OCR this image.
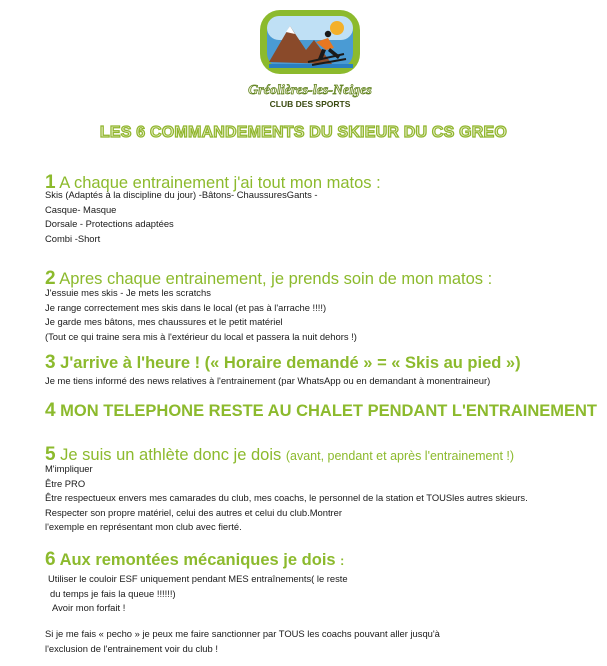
Gréolières-les-Neiges
CLUB DES SPORTS
LES 6 COMMANDEMENTS DU SKIEUR DU CS GREO
1 A chaque entrainement j'ai tout mon matos :
Skis (Adaptés à la discipline du jour) -Bâtons- ChaussuresGants -
Casque- Masque
Dorsale - Protections adaptées
Combi -Short
2 Apres chaque entrainement, je prends soin de mon matos :
J'essuie mes skis - Je mets les scratchs
Je range correctement mes skis dans le local (et pas à l'arrache !!!!)
Je garde mes bâtons, mes chaussures et le petit matériel
(Tout ce qui traine sera mis à l'extérieur du local et passera la nuit dehors !)
3 J'arrive à l'heure ! (« Horaire demandé » = « Skis au pied »)
Je me tiens informé des news relatives à l'entrainement (par WhatsApp ou en demandant à monentraineur)
4 MON TELEPHONE RESTE AU CHALET PENDANT L'ENTRAINEMENT
5 Je suis un athlète donc je dois (avant, pendant et après l'entrainement !)
M'impliquer
Être PRO
Être respectueux envers mes camarades du club, mes coachs, le personnel de la station et TOUSles autres skieurs.
Respecter son propre matériel, celui des autres et celui du club.Montrer
l'exemple en représentant mon club avec fierté.
6 Aux remontées mécaniques je dois :
Utiliser le couloir ESF uniquement pendant MES entraînements( le reste
du temps je fais la queue !!!!!!)
Avoir mon forfait !
Si je me fais « pecho » je peux me faire sanctionner par TOUS les coachs pouvant aller jusqu'à
l'exclusion de l'entrainement voir du club !
